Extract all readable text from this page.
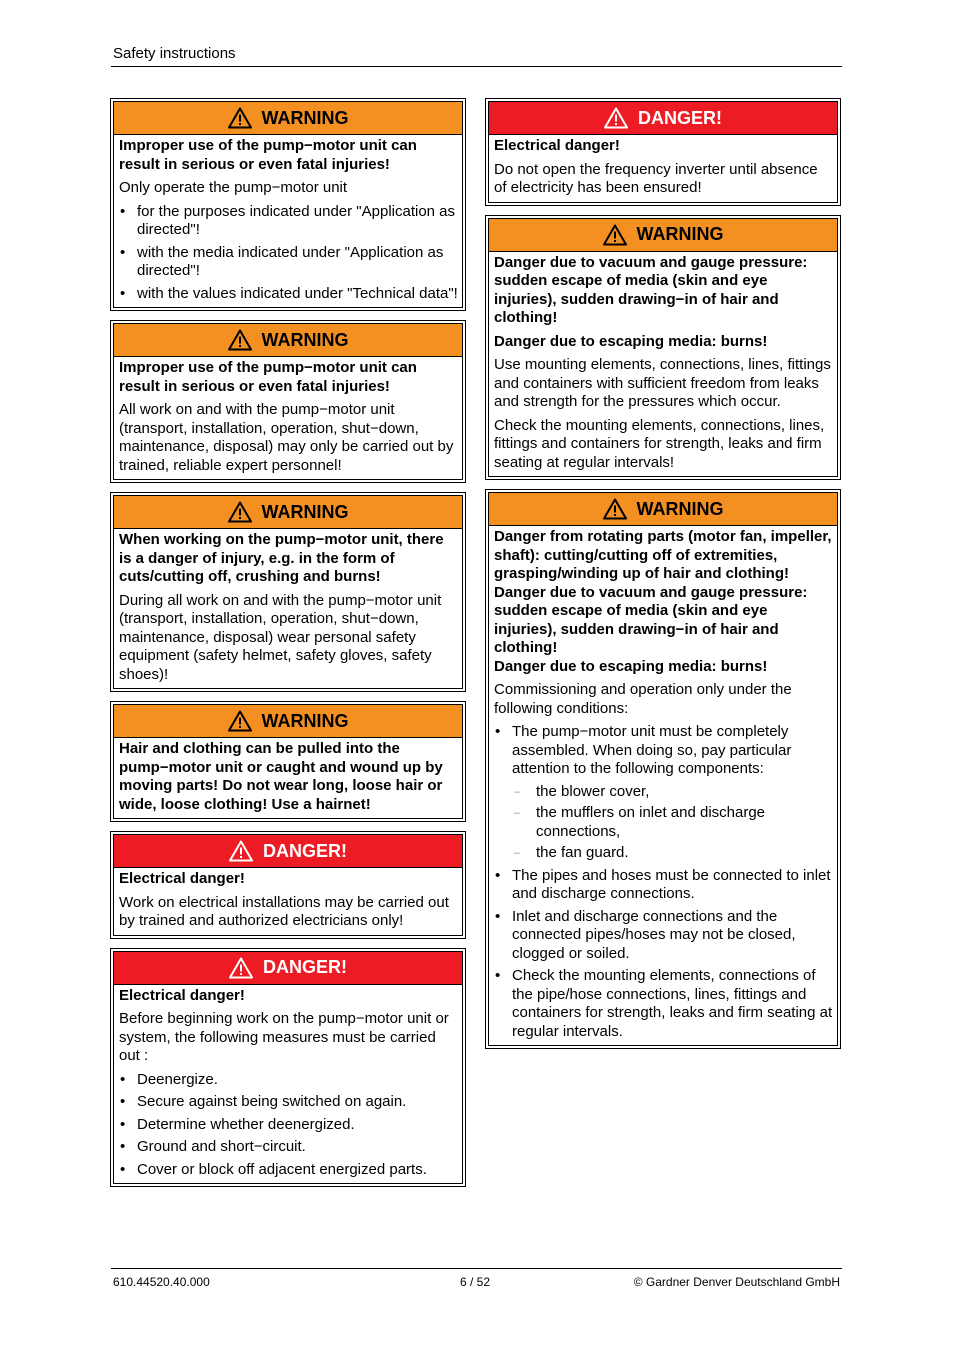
Safety instructions
WARNING

Improper use of the pump−motor unit can result in serious or even fatal injuries!

Only operate the pump−motor unit

• for the purposes indicated under "Application as directed"!
• with the media indicated under "Application as directed"!
• with the values indicated under "Technical data"!
WARNING

Improper use of the pump−motor unit can result in serious or even fatal injuries!

All work on and with the pump−motor unit (transport, installation, operation, shut−down, maintenance, disposal) may only be carried out by trained, reliable expert personnel!

WARNING

When working on the pump−motor unit, there is a danger of injury, e.g. in the form of cuts/cutting off, crushing and burns!

During all work on and with the pump−motor unit (transport, installation, operation, shut−down, maintenance, disposal) wear personal safety equipment (safety helmet, safety gloves, safety shoes)!

WARNING

Hair and clothing can be pulled into the pump−motor unit or caught and wound up by moving parts! Do not wear long, loose hair or wide, loose clothing! Use a hairnet!

DANGER!

Electrical danger!

Work on electrical installations may be carried out by trained and authorized electricians only!

DANGER!

Electrical danger!

Before beginning work on the pump−motor unit or system, the following measures must be carried out :

• Deenergize.
• Secure against being switched on again.
• Determine whether deenergized.
• Ground and short−circuit.
• Cover or block off adjacent energized parts.
DANGER!

Electrical danger!

Do not open the frequency inverter until absence of electricity has been ensured!

WARNING

Danger due to vacuum and gauge pressure: sudden escape of media (skin and eye injuries), sudden drawing−in of hair and clothing!

Danger due to escaping media: burns!

Use mounting elements, connections, lines, fittings and containers with sufficient freedom from leaks and strength for the pressures which occur.

Check the mounting elements, connections, lines, fittings and containers for strength, leaks and firm seating at regular intervals!

WARNING

Danger from rotating parts (motor fan, impeller, shaft): cutting/cutting off of extremities, grasping/winding up of hair and clothing!

Danger due to vacuum and gauge pressure: sudden escape of media (skin and eye injuries), sudden drawing−in of hair and clothing!

Danger due to escaping media: burns!

Commissioning and operation only under the following conditions:

• The pump−motor unit must be completely assembled. When doing so, pay particular attention to the following components:
– the blower cover,
– the mufflers on inlet and discharge connections,
– the fan guard.
• The pipes and hoses must be connected to inlet and discharge connections.
• Inlet and discharge connections and the connected pipes/hoses may not be closed, clogged or soiled.
• Check the mounting elements, connections of the pipe/hose connections, lines, fittings and containers for strength, leaks and firm seating at regular intervals.
610.44520.40.000	6 / 52	© Gardner Denver Deutschland GmbH
